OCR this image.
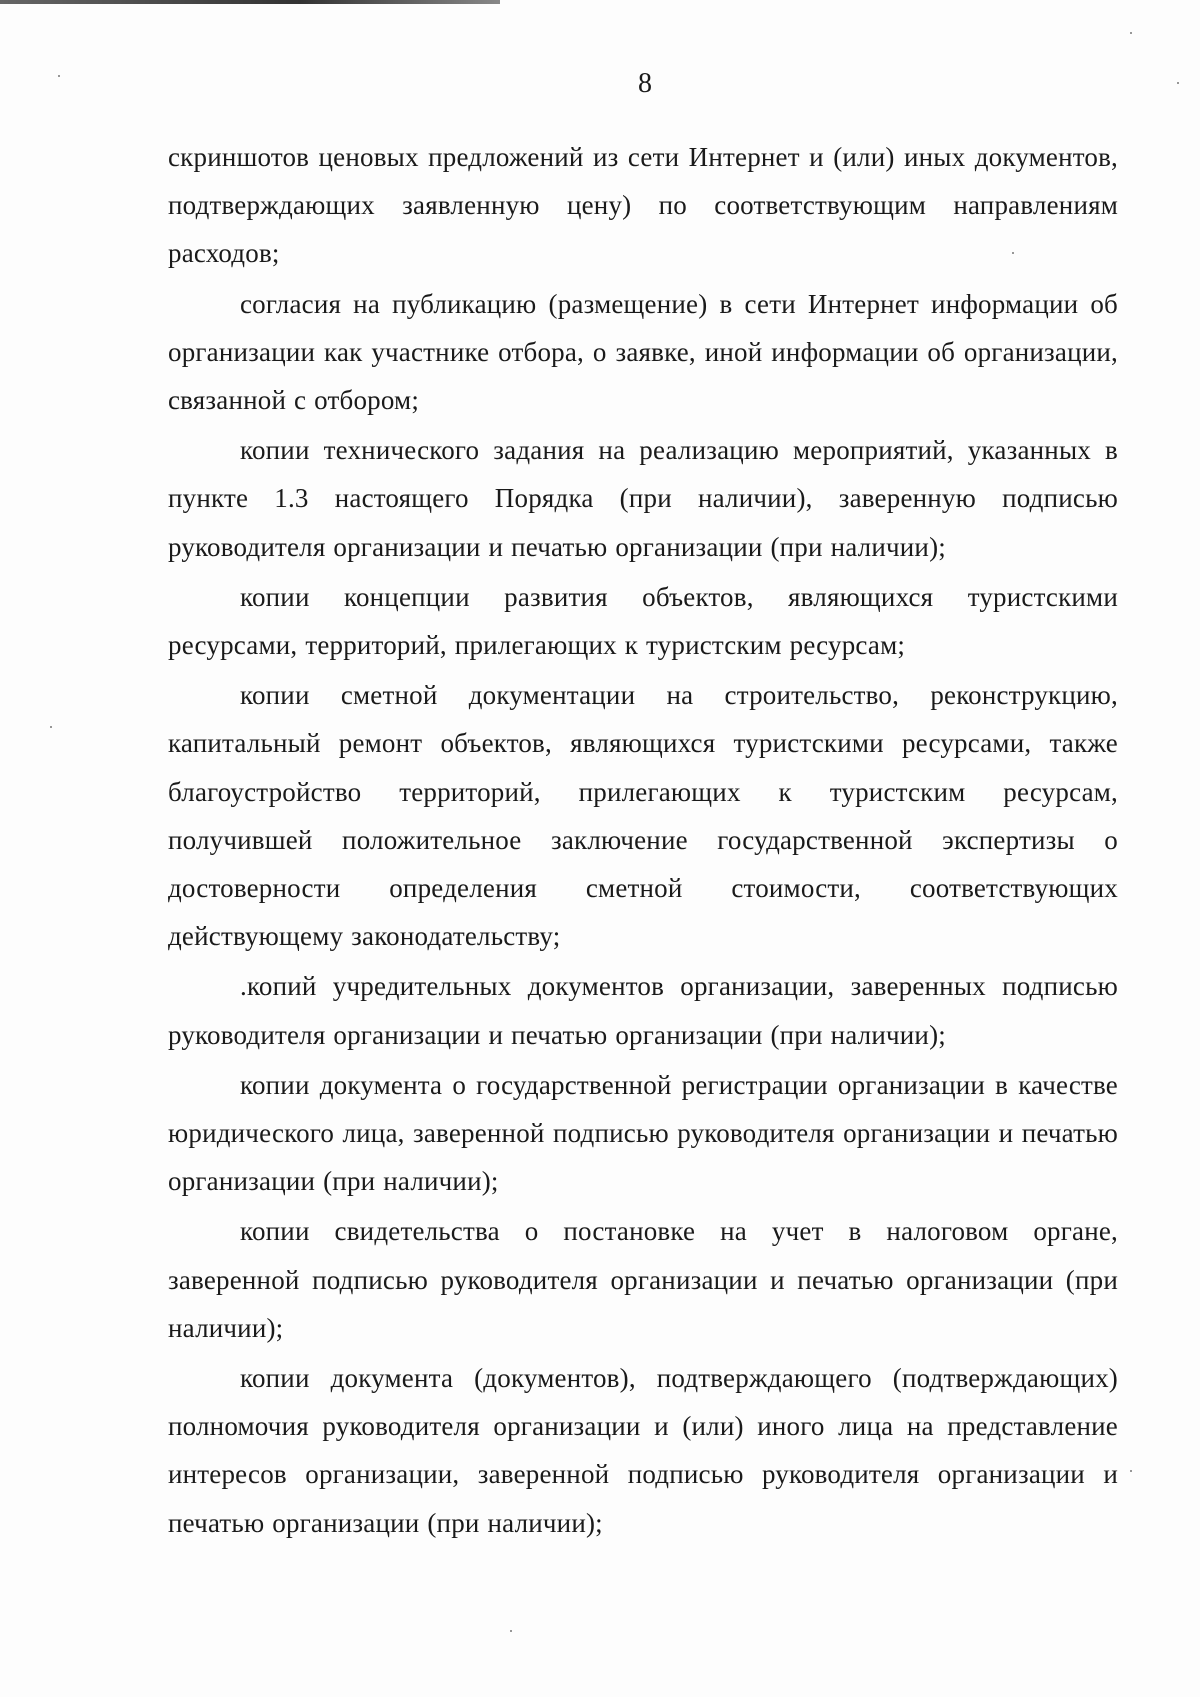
8

скриншотов ценовых предложений из сети Интернет и (или) иных документов, подтверждающих заявленную цену) по соответствующим направлениям расходов;

согласия на публикацию (размещение) в сети Интернет информации об организации как участнике отбора, о заявке, иной информации об организации, связанной с отбором;

копии технического задания на реализацию мероприятий, указанных в пункте 1.3 настоящего Порядка (при наличии), заверенную подписью руководителя организации и печатью организации (при наличии);

копии концепции развития объектов, являющихся туристскими ресурсами, территорий, прилегающих к туристским ресурсам;

копии сметной документации на строительство, реконструкцию, капитальный ремонт объектов, являющихся туристскими ресурсами, также благоустройство территорий, прилегающих к туристским ресурсам, получившей положительное заключение государственной экспертизы о достоверности определения сметной стоимости, соответствующих действующему законодательству;

.копий учредительных документов организации, заверенных подписью руководителя организации и печатью организации (при наличии);

копии документа о государственной регистрации организации в качестве юридического лица, заверенной подписью руководителя организации и печатью организации (при наличии);

копии свидетельства о постановке на учет в налоговом органе, заверенной подписью руководителя организации и печатью организации (при наличии);

копии документа (документов), подтверждающего (подтверждающих) полномочия руководителя организации и (или) иного лица на представление интересов организации, заверенной подписью руководителя организации и печатью организации (при наличии);
